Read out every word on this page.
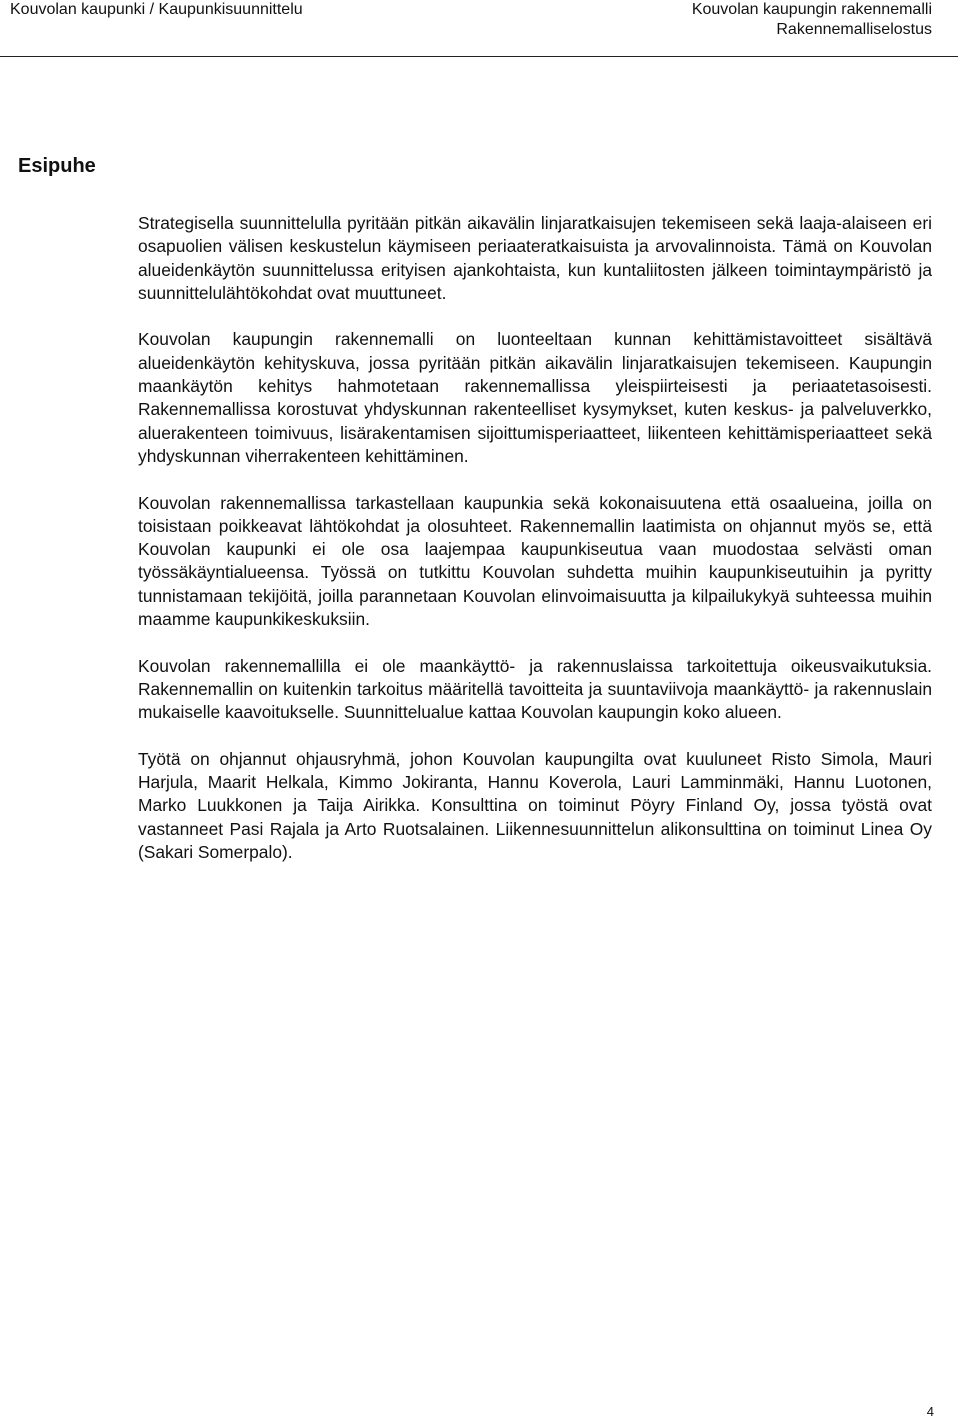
Kouvolan kaupunki / Kaupunkisuunnittelu	Kouvolan kaupungin rakennemalli
Rakennemalliselostus
Esipuhe

Strategisella suunnittelulla pyritään pitkän aikavälin linjaratkaisujen tekemiseen sekä laaja-alaiseen eri osapuolien välisen keskustelun käymiseen periaateratkaisuista ja arvovalinnoista. Tämä on Kouvolan alueidenkäytön suunnittelussa erityisen ajankohtaista, kun kuntaliitosten jälkeen toimintaympäristö ja suunnittelulähtökohdat ovat muuttuneet.

Kouvolan kaupungin rakennemalli on luonteeltaan kunnan kehittämistavoitteet sisältävä alueidenkäytön kehityskuva, jossa pyritään pitkän aikavälin linjaratkaisujen tekemiseen. Kaupungin maankäytön kehitys hahmotetaan rakennemallissa yleispiirteisesti ja periaatetasoisesti. Rakennemallissa korostuvat yhdyskunnan rakenteelliset kysymykset, kuten keskus- ja palveluverkko, aluerakenteen toimivuus, lisärakentamisen sijoittumisperiaatteet, liikenteen kehittämisperiaatteet sekä yhdyskunnan viherrakenteen kehittäminen.

Kouvolan rakennemallissa tarkastellaan kaupunkia sekä kokonaisuutena että osaalueina, joilla on toisistaan poikkeavat lähtökohdat ja olosuhteet. Rakennemallin laatimista on ohjannut myös se, että Kouvolan kaupunki ei ole osa laajempaa kaupunkiseutua vaan muodostaa selvästi oman työssäkäyntialueensa. Työssä on tutkittu Kouvolan suhdetta muihin kaupunkiseutuihin ja pyritty tunnistamaan tekijöitä, joilla parannetaan Kouvolan elinvoimaisuutta ja kilpailukykyä suhteessa muihin maamme kaupunkikeskuksiin.

Kouvolan rakennemallilla ei ole maankäyttö- ja rakennuslaissa tarkoitettuja oikeusvaikutuksia. Rakennemallin on kuitenkin tarkoitus määritellä tavoitteita ja suuntaviivoja maankäyttö- ja rakennuslain mukaiselle kaavoitukselle. Suunnittelualue kattaa Kouvolan kaupungin koko alueen.

Työtä on ohjannut ohjausryhmä, johon Kouvolan kaupungilta ovat kuuluneet Risto Simola, Mauri Harjula, Maarit Helkala, Kimmo Jokiranta, Hannu Koverola, Lauri Lamminmäki, Hannu Luotonen, Marko Luukkonen ja Taija Airikka. Konsulttina on toiminut Pöyry Finland Oy, jossa työstä ovat vastanneet Pasi Rajala ja Arto Ruotsalainen. Liikennesuunnittelun alikonsulttina on toiminut Linea Oy (Sakari Somerpalo).

4
